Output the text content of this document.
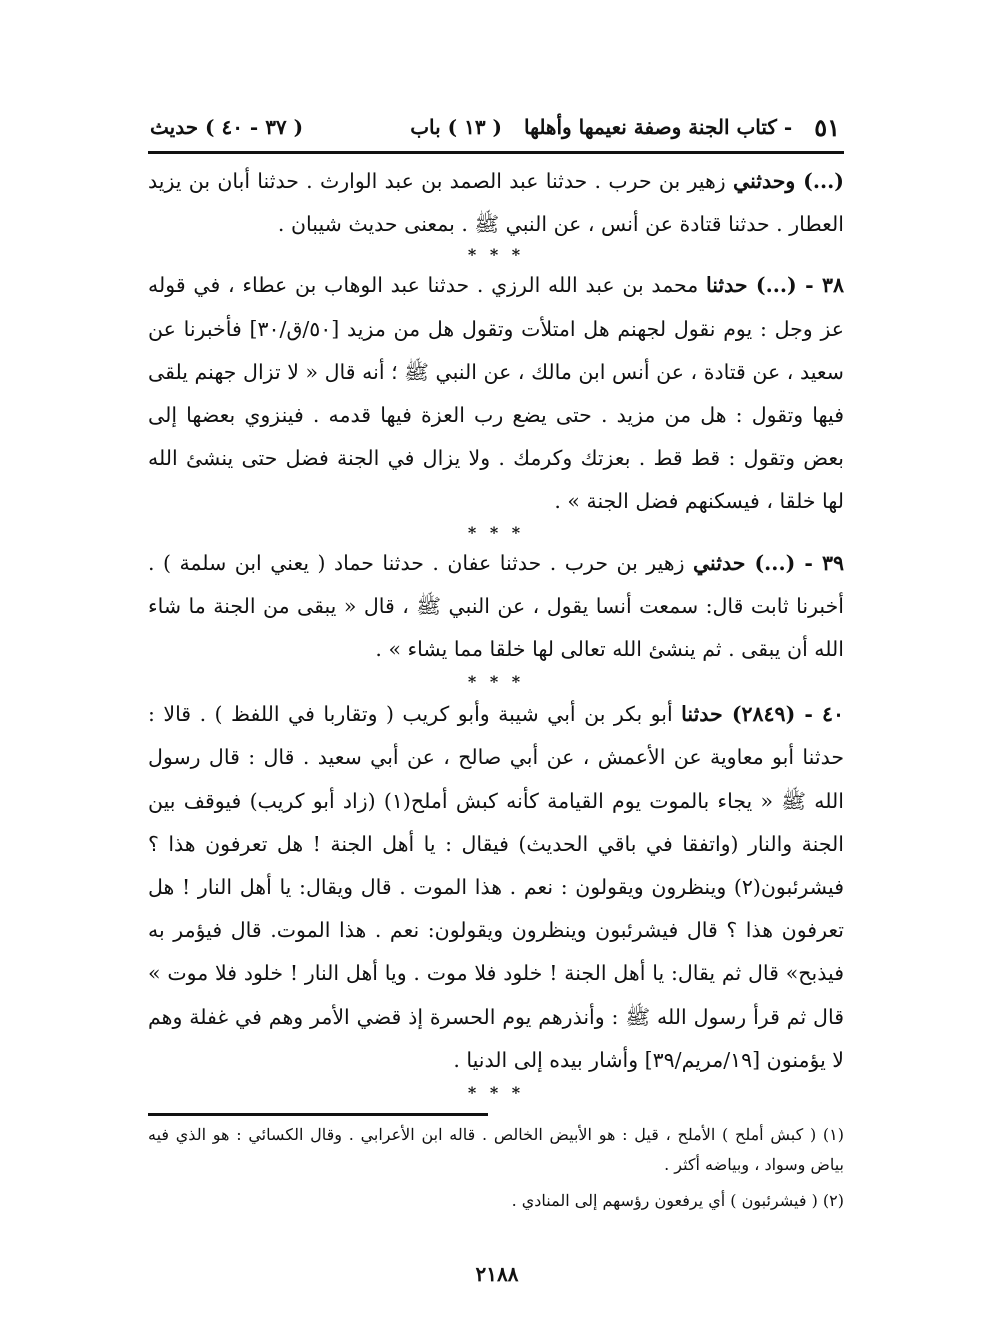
٥١
- كتاب الجنة وصفة نعيمها وأهلها
( ١٣ ) باب
( ٣٧ - ٤٠ ) حديث

(...) وحدثني زهير بن حرب . حدثنا عبد الصمد بن عبد الوارث . حدثنا أبان بن يزيد العطار . حدثنا قتادة عن أنس ، عن النبي ﷺ . بمعنى حديث شيبان .

* * *

٣٨ - (...) حدثنا محمد بن عبد الله الرزي . حدثنا عبد الوهاب بن عطاء ، في قوله عز وجل : يوم نقول لجهنم هل امتلأت وتقول هل من مزيد [٥٠/ق/٣٠] فأخبرنا عن سعيد ، عن قتادة ، عن أنس ابن مالك ، عن النبي ﷺ ؛ أنه قال « لا تزال جهنم يلقى فيها وتقول : هل من مزيد . حتى يضع رب العزة فيها قدمه . فينزوي بعضها إلى بعض وتقول : قط قط . بعزتك وكرمك . ولا يزال في الجنة فضل حتى ينشئ الله لها خلقا ، فيسكنهم فضل الجنة » .

* * *

٣٩ - (...) حدثني زهير بن حرب . حدثنا عفان . حدثنا حماد ( يعني ابن سلمة ) . أخبرنا ثابت قال: سمعت أنسا يقول ، عن النبي ﷺ ، قال « يبقى من الجنة ما شاء الله أن يبقى . ثم ينشئ الله تعالى لها خلقا مما يشاء » .

* * *

٤٠ - (٢٨٤٩) حدثنا أبو بكر بن أبي شيبة وأبو كريب ( وتقاربا في اللفظ ) . قالا : حدثنا أبو معاوية عن الأعمش ، عن أبي صالح ، عن أبي سعيد . قال : قال رسول الله ﷺ « يجاء بالموت يوم القيامة كأنه كبش أملح(١) (زاد أبو كريب) فيوقف بين الجنة والنار (واتفقا في باقي الحديث) فيقال : يا أهل الجنة ! هل تعرفون هذا ؟ فيشرئبون(٢) وينظرون ويقولون : نعم . هذا الموت . قال ويقال: يا أهل النار ! هل تعرفون هذا ؟ قال فيشرئبون وينظرون ويقولون: نعم . هذا الموت. قال فيؤمر به فيذبح» قال ثم يقال: يا أهل الجنة ! خلود فلا موت . ويا أهل النار ! خلود فلا موت » قال ثم قرأ رسول الله ﷺ : وأنذرهم يوم الحسرة إذ قضي الأمر وهم في غفلة وهم لا يؤمنون [١٩/مريم/٣٩] وأشار بيده إلى الدنيا .

* * *

(١) ( كبش أملح ) الأملح ، قيل : هو الأبيض الخالص . قاله ابن الأعرابي . وقال الكسائي : هو الذي فيه بياض وسواد ، وبياضه أكثر .

(٢) ( فيشرئبون ) أي يرفعون رؤسهم إلى المنادي .

٢١٨٨
